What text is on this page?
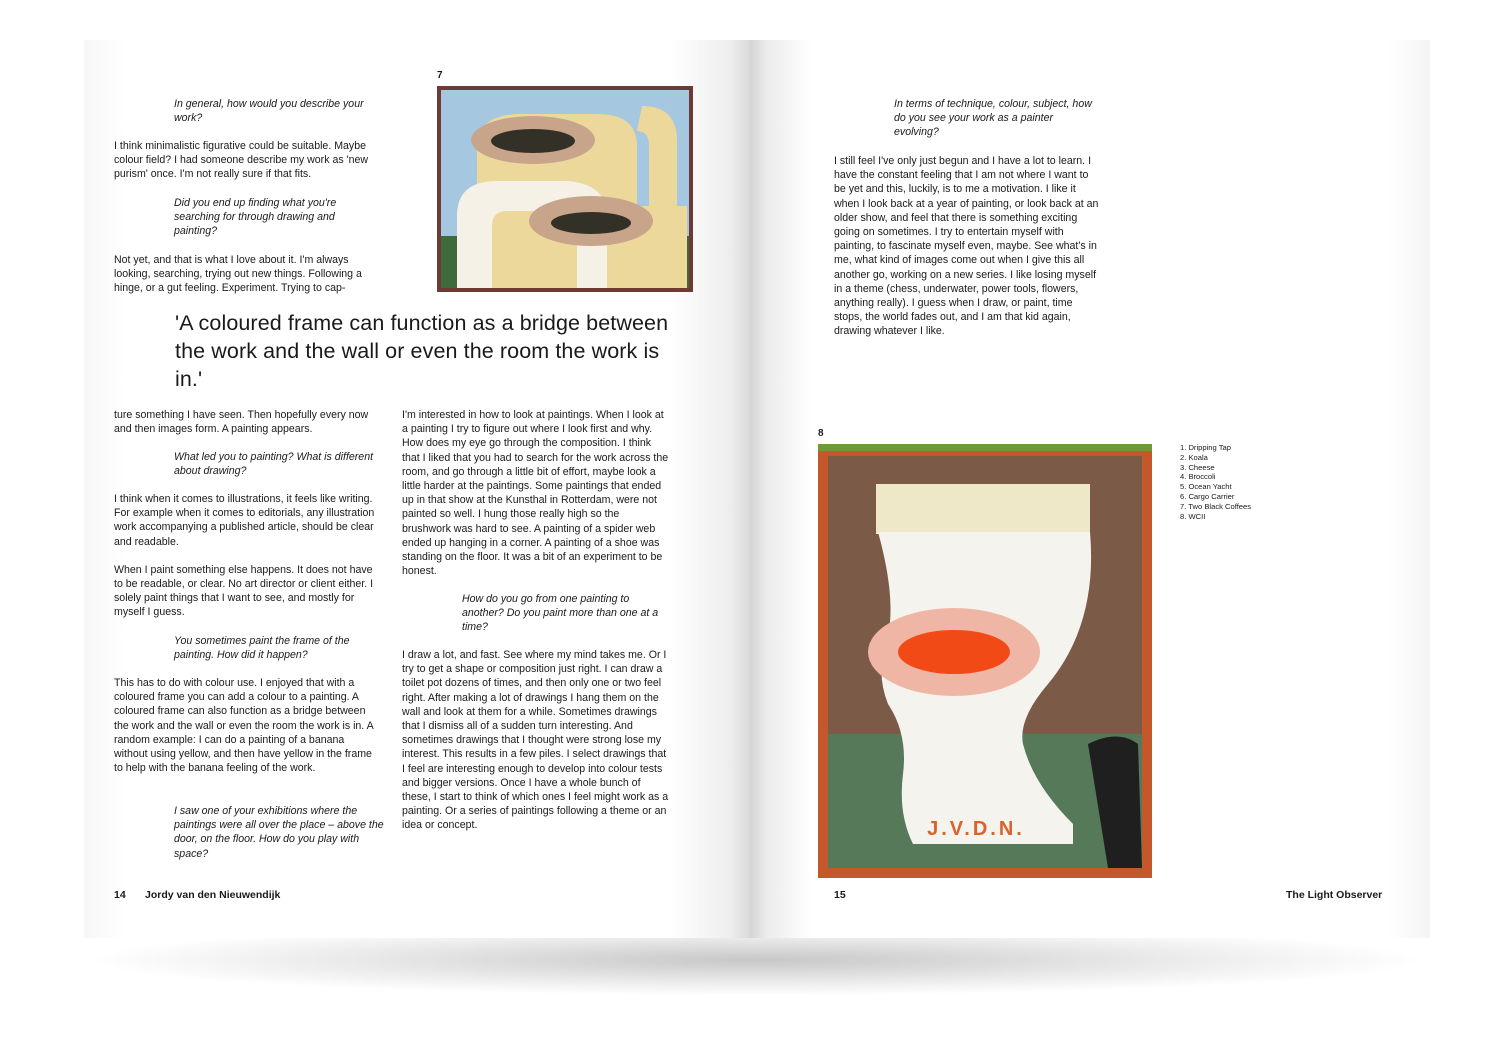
In general, how would you describe your work?

I think minimalistic figurative could be suitable. Maybe colour field? I had someone describe my work as 'new purism' once. I'm not really sure if that fits.

Did you end up finding what you're searching for through drawing and painting?

Not yet, and that is what I love about it. I'm always looking, searching, trying out new things. Following a hinge, or a gut feeling. Experiment. Trying to cap-

7
'A coloured frame can function as a bridge between the work and the wall or even the room the work is in.'

ture something I have seen. Then hopefully every now and then images form. A painting appears.

What led you to painting? What is different about drawing?

I think when it comes to illustrations, it feels like writing. For example when it comes to editorials, any illustration work accompanying a published article, should be clear and readable.

When I paint something else happens. It does not have to be readable, or clear. No art director or client either. I solely paint things that I want to see, and mostly for myself I guess.

You sometimes paint the frame of the painting. How did it happen?

This has to do with colour use. I enjoyed that with a coloured frame you can add a colour to a painting. A coloured frame can also function as a bridge between the work and the wall or even the room the work is in. A random example: I can do a painting of a banana without using yellow, and then have yellow in the frame to help with the banana feeling of the work.

I saw one of your exhibitions where the paintings were all over the place – above the door, on the floor. How do you play with space?

I'm interested in how to look at paintings. When I look at a painting I try to figure out where I look first and why. How does my eye go through the composition. I think that I liked that you had to search for the work across the room, and go through a little bit of effort, maybe look a little harder at the paintings. Some paintings that ended up in that show at the Kunsthal in Rotterdam, were not painted so well. I hung those really high so the brushwork was hard to see. A painting of a spider web ended up hanging in a corner. A painting of a shoe was standing on the floor. It was a bit of an experiment to be honest.

How do you go from one painting to another? Do you paint more than one at a time?

I draw a lot, and fast. See where my mind takes me. Or I try to get a shape or composition just right. I can draw a toilet pot dozens of times, and then only one or two feel right. After making a lot of drawings I hang them on the wall and look at them for a while. Sometimes drawings that I dismiss all of a sudden turn interesting. And sometimes drawings that I thought were strong lose my interest. This results in a few piles. I select drawings that I feel are interesting enough to develop into colour tests and bigger versions. Once I have a whole bunch of these, I start to think of which ones I feel might work as a painting. Or a series of paintings following a theme or an idea or concept.

14 Jordy van den Nieuwendijk
In terms of technique, colour, subject, how do you see your work as a painter evolving?

I still feel I've only just begun and I have a lot to learn. I have the constant feeling that I am not where I want to be yet and this, luckily, is to me a motivation. I like it when I look back at a year of painting, or look back at an older show, and feel that there is something exciting going on sometimes. I try to entertain myself with painting, to fascinate myself even, maybe. See what's in me, what kind of images come out when I give this all another go, working on a new series. I like losing myself in a theme (chess, underwater, power tools, flowers, anything really). I guess when I draw, or paint, time stops, the world fades out, and I am that kid again, drawing whatever I like.

8
J.V.D.N.
1. Dripping Tap
2. Koala
3. Cheese
4. Broccoli
5. Ocean Yacht
6. Cargo Carrier
7. Two Black Coffees
8. WCII
15	The Light Observer
